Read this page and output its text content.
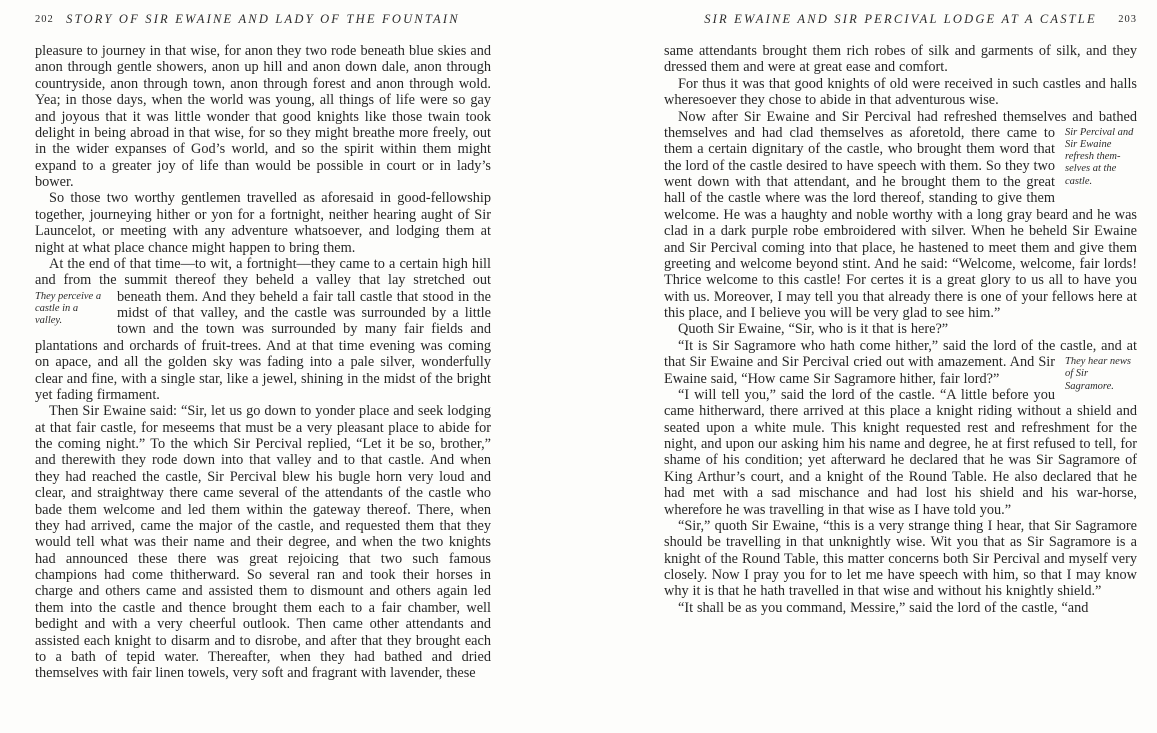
202 STORY OF SIR EWAINE AND LADY OF THE FOUNTAIN

pleasure to journey in that wise, for anon they two rode beneath blue skies and anon through gentle showers, anon up hill and anon down dale, anon through countryside, anon through town, anon through forest and anon through wold. Yea; in those days, when the world was young, all things of life were so gay and joyous that it was little wonder that good knights like those twain took delight in being abroad in that wise, for so they might breathe more freely, out in the wider expanses of God’s world, and so the spirit within them might expand to a greater joy of life than would be possible in court or in lady’s bower.

So those two worthy gentlemen travelled as aforesaid in good-fellowship together, journeying hither or yon for a fortnight, neither hearing aught of Sir Launcelot, or meeting with any adventure whatsoever, and lodging them at night at what place chance might happen to bring them.

At the end of that time—to wit, a fortnight—they came to a certain high hill and from the summit thereof they beheld a valley that lay stretched out beneath them. And they beheld a fair tall castle that stood in the
They perceive a castle in a valley.	midst of that valley, and the castle was surrounded by a little town and the town was surrounded by many fair fields and plantations and orchards of fruit-trees. And at that time evening was coming on apace, and all the golden sky was fading into a pale silver, wonderfully clear and fine, with a single star, like a jewel, shining in the midst of the bright yet fading firmament.

Then Sir Ewaine said: “Sir, let us go down to yonder place and seek lodging at that fair castle, for meseems that must be a very pleasant place to abide for the coming night.” To the which Sir Percival replied, “Let it be so, brother,” and therewith they rode down into that valley and to that castle. And when they had reached the castle, Sir Percival blew his bugle horn very loud and clear, and straightway there came several of the attendants of the castle who bade them welcome and led them within the gateway thereof. There, when they had arrived, came the major of the castle, and requested them that they would tell what was their name and their degree, and when the two knights had announced these there was great rejoicing that two such famous champions had come thitherward. So several ran and took their horses in charge and others came and assisted them to dismount and others again led them into the castle and thence brought them each to a fair chamber, well bedight and with a very cheerful outlook. Then came other attendants and assisted each knight to disarm and to disrobe, and after that they brought each to a bath of tepid water. Thereafter, when they had bathed and dried themselves with fair linen towels, very soft and fragrant with lavender, these

SIR EWAINE AND SIR PERCIVAL LODGE AT A CASTLE	203

same attendants brought them rich robes of silk and garments of silk, and they dressed them and were at great ease and comfort.

For thus it was that good knights of old were received in such castles and halls wheresoever they chose to abide in that adventurous wise.

Now after Sir Ewaine and Sir Percival had refreshed themselves and bathed themselves and had clad themselves as aforetold, there came to Sir Percival and Sir Ewaine refresh themselves at the castle.
them a certain dignitary of the castle, who brought them word that the lord of the castle desired to have speech with them. So they two went down with that attendant, and he brought them to the great hall of the castle where was the lord thereof, standing to give them welcome. He was a haughty and noble worthy with a long gray beard and he was clad in a dark purple robe embroidered with silver. When he beheld Sir Ewaine and Sir Percival coming into that place, he hastened to meet them and give them greeting and welcome beyond stint. And he said: “Welcome, welcome, fair lords! Thrice welcome to this castle! For certes it is a great glory to us all to have you with us. Moreover, I may tell you that already there is one of your fellows here at this place, and I believe you will be very glad to see him.”

Quoth Sir Ewaine, “Sir, who is it that is here?”

“It is Sir Sagramore who hath come hither,” said the lord of the castle,
They hear news of Sir Sagramore.
and at that Sir Ewaine and Sir Percival cried out with amazement. And Sir Ewaine said, “How came Sir Sagramore hither, fair lord?”

“I will tell you,” said the lord of the castle. “A little before you came hitherward, there arrived at this place a knight riding without a shield and seated upon a white mule. This knight requested rest and refreshment for the night, and upon our asking him his name and degree, he at first refused to tell, for shame of his condition; yet afterward he declared that he was Sir Sagramore of King Arthur’s court, and a knight of the Round Table. He also declared that he had met with a sad mischance and had lost his shield and his war-horse, wherefore he was travelling in that wise as I have told you.”

“Sir,” quoth Sir Ewaine, “this is a very strange thing I hear, that Sir Sagramore should be travelling in that unknightly wise. Wit you that as Sir Sagramore is a knight of the Round Table, this matter concerns both Sir Percival and myself very closely. Now I pray you for to let me have speech with him, so that I may know why it is that he hath travelled in that wise and without his knightly shield.”

“It shall be as you command, Messire,” said the lord of the castle, “and
